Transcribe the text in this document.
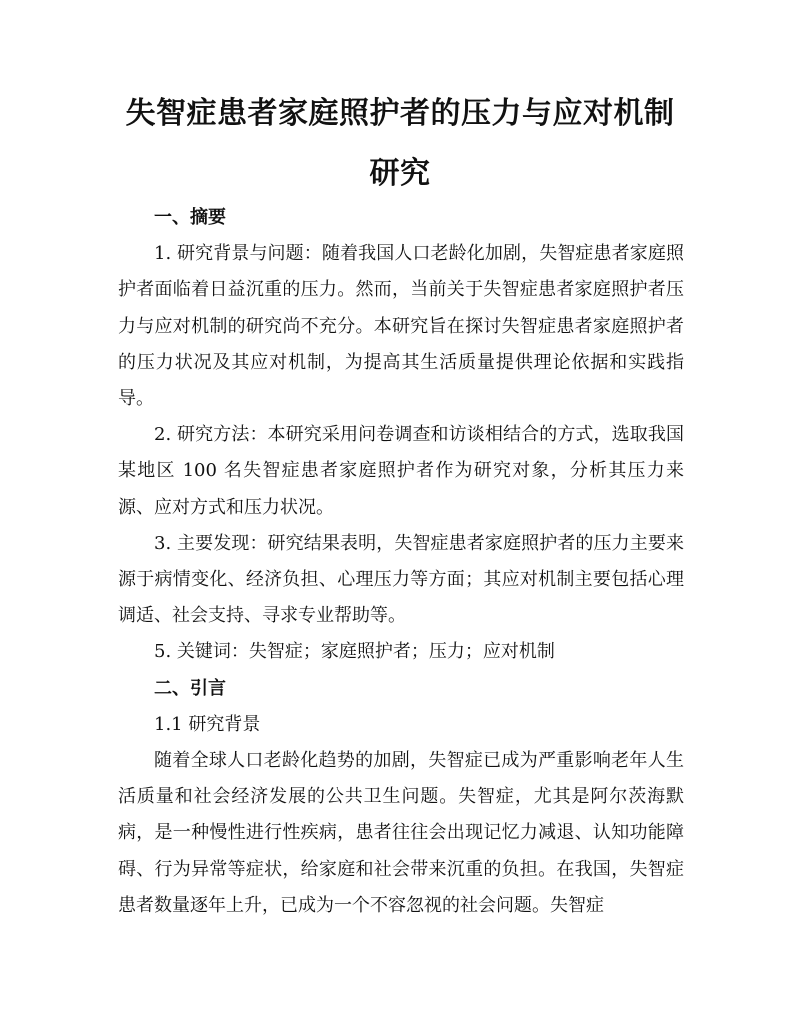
失智症患者家庭照护者的压力与应对机制研究
一、摘要

1. 研究背景与问题：随着我国人口老龄化加剧，失智症患者家庭照护者面临着日益沉重的压力。然而，当前关于失智症患者家庭照护者压力与应对机制的研究尚不充分。本研究旨在探讨失智症患者家庭照护者的压力状况及其应对机制，为提高其生活质量提供理论依据和实践指导。

2. 研究方法：本研究采用问卷调查和访谈相结合的方式，选取我国某地区 100 名失智症患者家庭照护者作为研究对象，分析其压力来源、应对方式和压力状况。

3. 主要发现：研究结果表明，失智症患者家庭照护者的压力主要来源于病情变化、经济负担、心理压力等方面；其应对机制主要包括心理调适、社会支持、寻求专业帮助等。

5. 关键词：失智症；家庭照护者；压力；应对机制

二、引言

1.1 研究背景

随着全球人口老龄化趋势的加剧，失智症已成为严重影响老年人生活质量和社会经济发展的公共卫生问题。失智症，尤其是阿尔茨海默病，是一种慢性进行性疾病，患者往往会出现记忆力减退、认知功能障碍、行为异常等症状，给家庭和社会带来沉重的负担。在我国，失智症患者数量逐年上升，已成为一个不容忽视的社会问题。失智症
